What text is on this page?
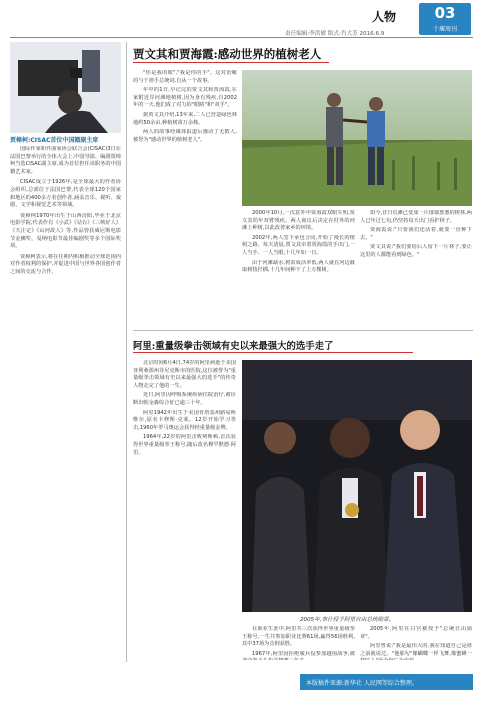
人物	03
十堰周刊
责任编辑:李洪敏 版式:肖大芳 2016.6.9
贾樟柯:CISAC首位中国籍副主席

国际作家和作曲家协会联合会(CISAC)3日在法国巴黎举行的全体大会上,中国导演、编剧贾樟柯当选CISAC副主席,成为首位担任该职务的中国籍艺术家。

CISAC成立于1926年,是全球最大的作者协会组织,总部位于法国巴黎,代表全球120个国家和地区的400多万名创作者,涵盖音乐、视听、戏剧、文学和视觉艺术等领域。

贾樟柯1970年出生于山西汾阳,毕业于北京电影学院,代表作有《小武》《站台》《三峡好人》《天注定》《山河故人》等,作品曾获威尼斯电影节金狮奖、戛纳电影节最佳编剧奖等多个国际奖项。

贾樟柯表示,将在任期内积极推动全球范围内对作者权利的保护,并促进中国与世界各国创作者之间的交流与合作。

贾文其和贾海霞:感动世界的植树老人

"你是我的眼","我是你的手"。这对治瘫的与千禧手总统词,自从一个故事。

年中的1日,早记完的贾文其和贾海霞,在家附近岸河滩地植树,因为身有残疾,自2002年的一天,他们成了对力的"眼睛"和"双手"。

据贾文其介绍,13年来,二人已营造绿色林地约50余亩,种植树苗万余株。

两人的故事经媒体报道后感动了无数人,被誉为"感动世界的植树老人"。

2000年10月,一次意外中贾海霞双眼失明,贾文其幼年双臂残疾。两人商议后决定在村外的河滩上种树,以此改善家乡的环境。

2002年,两人签下承包合同,开始了漫长的植树之路。每天清晨,贾文其牵着贾海霞的手出门,一人当手、一人当眼,十几年如一日。

由于河滩缺水,树苗成活率低,两人就在河边截取树枝扦插,十几年间种下了上万棵树。

如今,昔日荒滩已变成一片郁郁葱葱的树林,两人已年过七旬,仍坚持每天出门看护林子。

贾海霞说:"只要我们还活着,就要一直种下去。"

贾文其说:"我们要给后人留下一片林子,要让这里的人都能看到绿色。"

阿里:重量级拳击领域有史以来最强大的选手走了

北京时间6月4日,74岁的阿里病逝于美国亚利桑那州菲尼克斯市的医院,这位被誉为"重量级拳击领域有史以来最强大的选手"的传奇人物走完了他的一生。

近日,阿里因呼吸系统疾病住院治疗,被诊断出帕金森综合征已逾三十年。

阿里1942年出生于美国肯塔基州路易斯维尔,原名卡修斯·克莱。12岁开始学习拳击,1960年罗马奥运会获得轻重量级金牌。

1964年,22岁的阿里击败利斯顿,首次获得世界重量级拳王称号,随后改名穆罕默德·阿里。

2005年,布什授予阿里自由总统勋章。

在职业生涯中,阿里共三次获得世界重量级拳王称号,一生共参加职业比赛61场,赢得56场胜利,其中37场为击倒获胜。

1967年,阿里因拒绝服兵役参加越南战争,被

2005年,阿里在白宫被授予"总统自由勋章"。

阿里曾说:"我是最伟大的,我在知道自己是谁之前就说过。"他那句"像蝴蝶一样飞舞,像蜜蜂一

本版稿件来源:新华社 人民网等综合整理。
